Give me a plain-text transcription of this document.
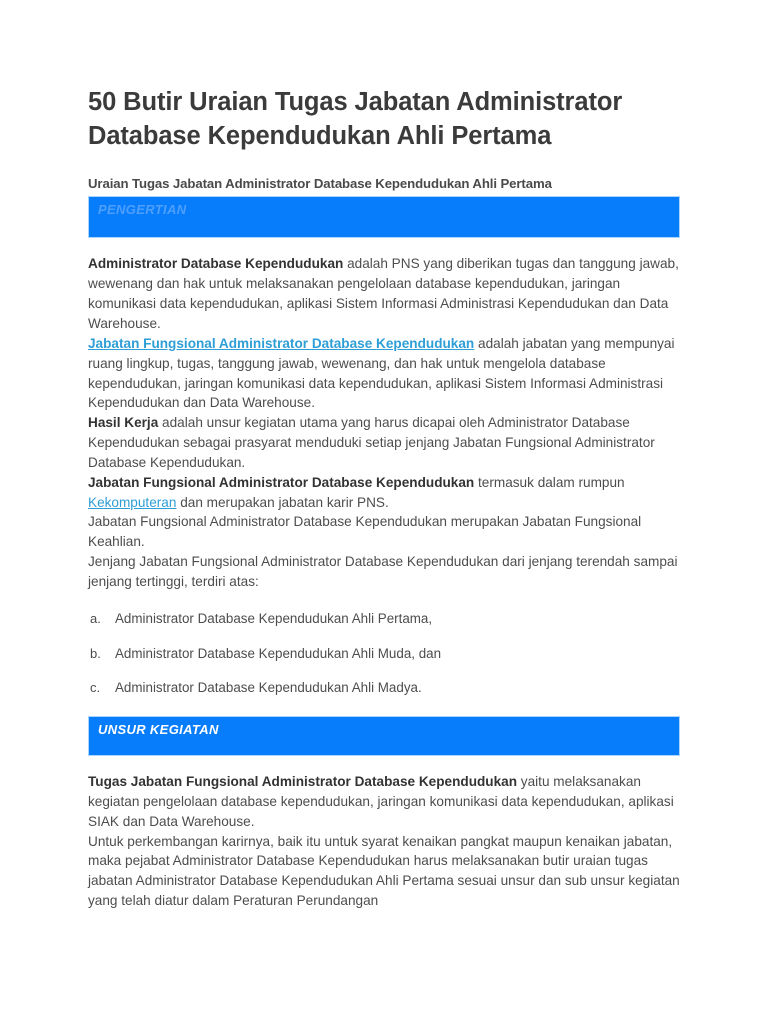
50 Butir Uraian Tugas Jabatan Administrator Database Kependudukan Ahli Pertama
Uraian Tugas Jabatan Administrator Database Kependudukan Ahli Pertama
PENGERTIAN

Administrator Database Kependudukan adalah PNS yang diberikan tugas dan tanggung jawab, wewenang dan hak untuk melaksanakan pengelolaan database kependudukan, jaringan komunikasi data kependudukan, aplikasi Sistem Informasi Administrasi Kependudukan dan Data Warehouse.

Jabatan Fungsional Administrator Database Kependudukan adalah jabatan yang mempunyai ruang lingkup, tugas, tanggung jawab, wewenang, dan hak untuk mengelola database kependudukan, jaringan komunikasi data kependudukan, aplikasi Sistem Informasi Administrasi Kependudukan dan Data Warehouse.

Hasil Kerja adalah unsur kegiatan utama yang harus dicapai oleh Administrator Database Kependudukan sebagai prasyarat menduduki setiap jenjang Jabatan Fungsional Administrator Database Kependudukan.

Jabatan Fungsional Administrator Database Kependudukan termasuk dalam rumpun Kekomputeran dan merupakan jabatan karir PNS.

Jabatan Fungsional Administrator Database Kependudukan merupakan Jabatan Fungsional Keahlian.

Jenjang Jabatan Fungsional Administrator Database Kependudukan dari jenjang terendah sampai jenjang tertinggi, terdiri atas:

a. Administrator Database Kependudukan Ahli Pertama,
b. Administrator Database Kependudukan Ahli Muda, dan
c. Administrator Database Kependudukan Ahli Madya.
UNSUR KEGIATAN

Tugas Jabatan Fungsional Administrator Database Kependudukan yaitu melaksanakan kegiatan pengelolaan database kependudukan, jaringan komunikasi data kependudukan, aplikasi SIAK dan Data Warehouse.

Untuk perkembangan karirnya, baik itu untuk syarat kenaikan pangkat maupun kenaikan jabatan, maka pejabat Administrator Database Kependudukan harus melaksanakan butir uraian tugas jabatan Administrator Database Kependudukan Ahli Pertama sesuai unsur dan sub unsur kegiatan yang telah diatur dalam Peraturan Perundangan
